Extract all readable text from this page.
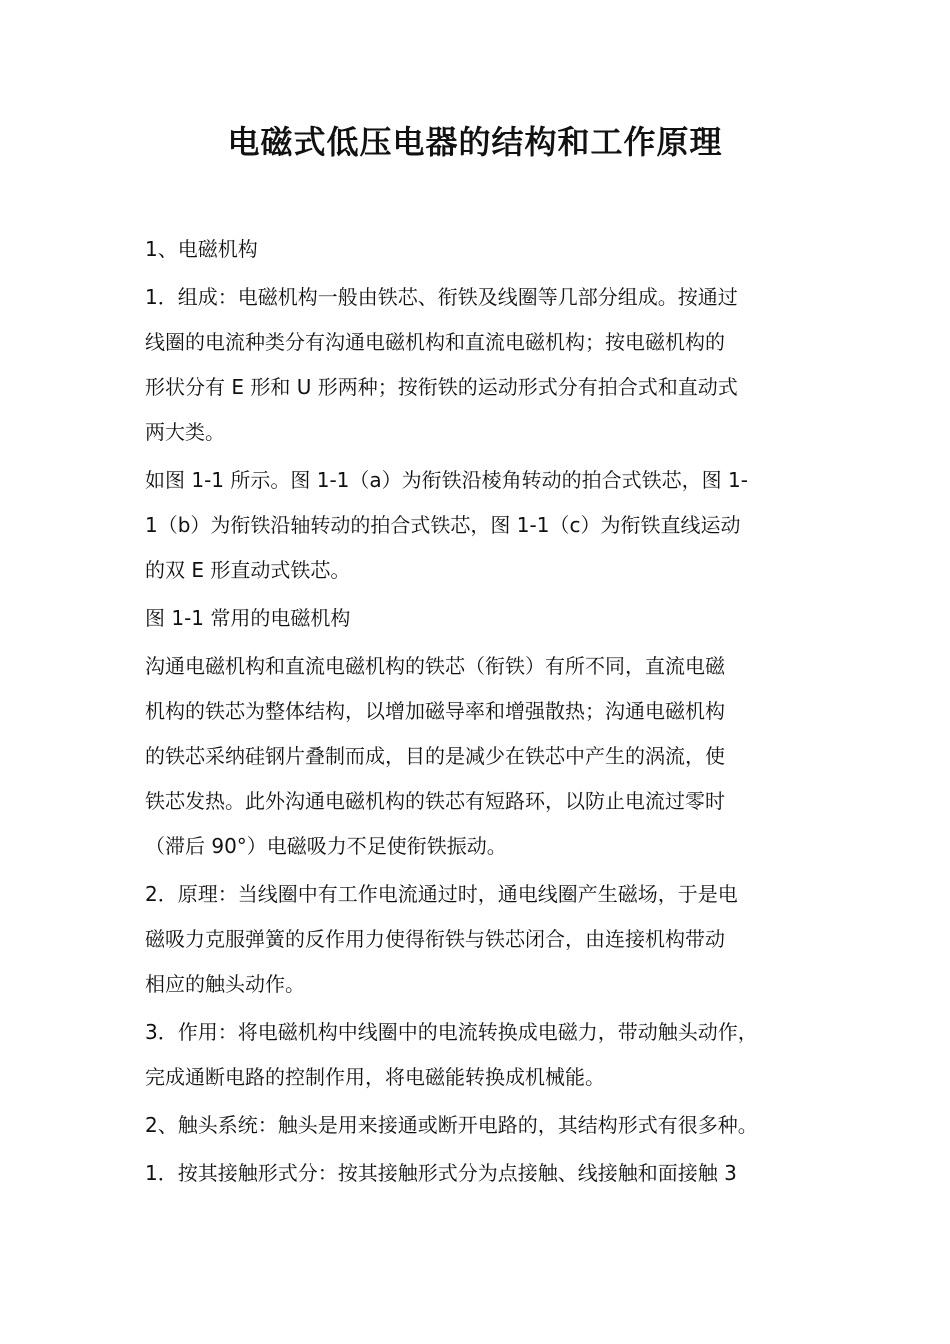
电磁式低压电器的结构和工作原理

1、电磁机构

1．组成：电磁机构一般由铁芯、衔铁及线圈等几部分组成。按通过
线圈的电流种类分有沟通电磁机构和直流电磁机构；按电磁机构的
形状分有 E 形和 U 形两种；按衔铁的运动形式分有拍合式和直动式
两大类。

如图 1-1 所示。图 1-1（a）为衔铁沿棱角转动的拍合式铁芯，图 1-
1（b）为衔铁沿轴转动的拍合式铁芯，图 1-1（c）为衔铁直线运动
的双 E 形直动式铁芯。

图 1-1 常用的电磁机构

沟通电磁机构和直流电磁机构的铁芯（衔铁）有所不同，直流电磁
机构的铁芯为整体结构，以增加磁导率和增强散热；沟通电磁机构
的铁芯采纳硅钢片叠制而成，目的是减少在铁芯中产生的涡流，使
铁芯发热。此外沟通电磁机构的铁芯有短路环，以防止电流过零时
（滞后 90°）电磁吸力不足使衔铁振动。

2．原理：当线圈中有工作电流通过时，通电线圈产生磁场，于是电
磁吸力克服弹簧的反作用力使得衔铁与铁芯闭合，由连接机构带动
相应的触头动作。

3．作用：将电磁机构中线圈中的电流转换成电磁力，带动触头动作，
完成通断电路的控制作用，将电磁能转换成机械能。

2、触头系统：触头是用来接通或断开电路的，其结构形式有很多种。

1．按其接触形式分：按其接触形式分为点接触、线接触和面接触 3
